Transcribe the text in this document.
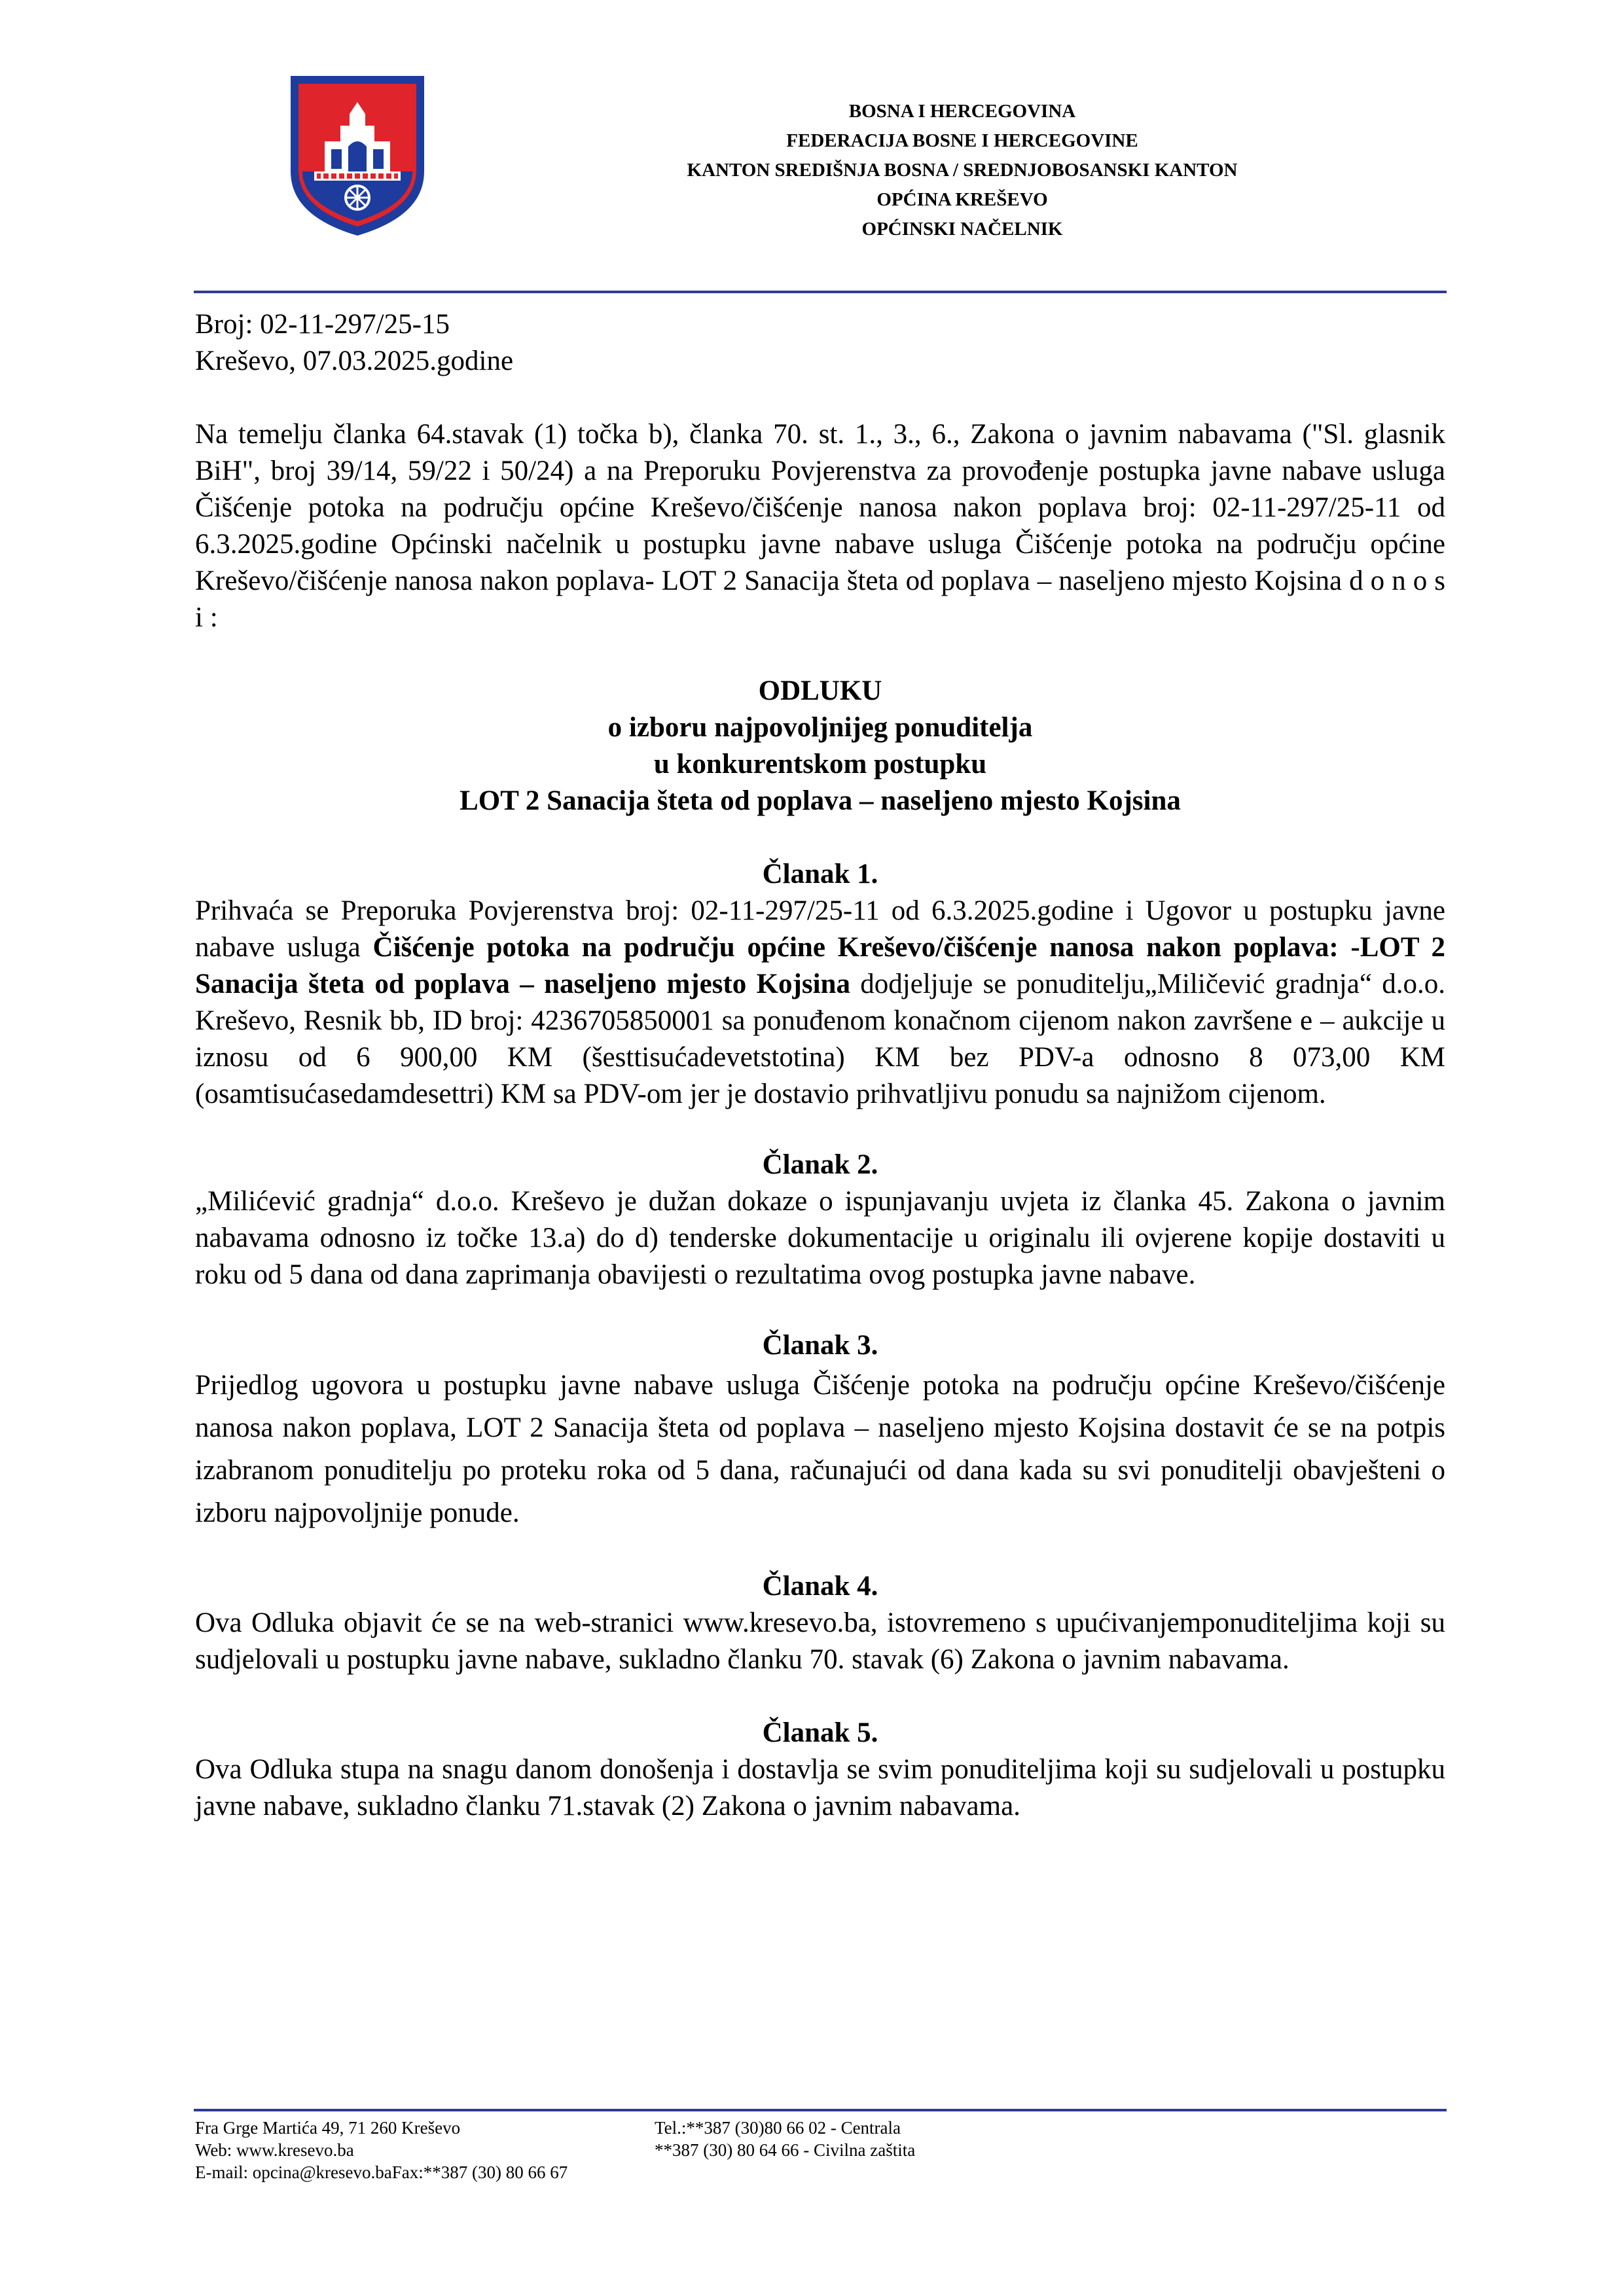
BOSNA I HERCEGOVINA
FEDERACIJA BOSNE I HERCEGOVINE
KANTON SREDIŠNJA BOSNA / SREDNJOBOSANSKI KANTON
OPĆINA KREŠEVO
OPĆINSKI NAČELNIK
Broj: 02-11-297/25-15
Kreševo, 07.03.2025.godine

Na temelju članka 64.stavak (1) točka b), članka 70. st. 1., 3., 6., Zakona o javnim nabavama ("Sl. glasnik BiH", broj 39/14, 59/22 i 50/24) a na Preporuku Povjerenstva za provođenje postupka javne nabave usluga Čišćenje potoka na području općine Kreševo/čišćenje nanosa nakon poplava broj: 02-11-297/25-11 od 6.3.2025.godine Općinski načelnik u postupku javne nabave usluga Čišćenje potoka na području općine Kreševo/čišćenje nanosa nakon poplava- LOT 2 Sanacija šteta od poplava – naseljeno mjesto Kojsina d o n o s i :

ODLUKU
o izboru najpovoljnijeg ponuditelja
u konkurentskom postupku
LOT 2 Sanacija šteta od poplava – naseljeno mjesto Kojsina
Članak 1.

Prihvaća se Preporuka Povjerenstva broj: 02-11-297/25-11 od 6.3.2025.godine i Ugovor u postupku javne nabave usluga Čišćenje potoka na području općine Kreševo/čišćenje nanosa nakon poplava: -LOT 2 Sanacija šteta od poplava – naseljeno mjesto Kojsina dodjeljuje se ponuditelju„Miličević gradnja“ d.o.o. Kreševo, Resnik bb, ID broj: 4236705850001 sa ponuđenom konačnom cijenom nakon završene e – aukcije u iznosu od 6 900,00 KM (šesttisućadevetstotina) KM bez PDV-a odnosno 8 073,00 KM (osamtisućasedamdesettri) KM sa PDV-om jer je dostavio prihvatljivu ponudu sa najnižom cijenom.

Članak 2.

„Milićević gradnja“ d.o.o. Kreševo je dužan dokaze o ispunjavanju uvjeta iz članka 45. Zakona o javnim nabavama odnosno iz točke 13.a) do d) tenderske dokumentacije u originalu ili ovjerene kopije dostaviti u roku od 5 dana od dana zaprimanja obavijesti o rezultatima ovog postupka javne nabave.

Članak 3.

Prijedlog ugovora u postupku javne nabave usluga Čišćenje potoka na području općine Kreševo/čišćenje nanosa nakon poplava, LOT 2 Sanacija šteta od poplava – naseljeno mjesto Kojsina dostavit će se na potpis izabranom ponuditelju po proteku roka od 5 dana, računajući od dana kada su svi ponuditelji obavješteni o izboru najpovoljnije ponude.

Članak 4.

Ova Odluka objavit će se na web-stranici www.kresevo.ba, istovremeno s upućivanjemponuditeljima koji su sudjelovali u postupku javne nabave, sukladno članku 70. stavak (6) Zakona o javnim nabavama.

Članak 5.

Ova Odluka stupa na snagu danom donošenja i dostavlja se svim ponuditeljima koji su sudjelovali u postupku javne nabave, sukladno članku 71.stavak (2) Zakona o javnim nabavama.

Fra Grge Martića 49, 71 260 Kreševo
Web: www.kresevo.ba
E-mail: opcina@kresevo.baFax:**387 (30) 80 66 67
Tel.:**387 (30)80 66 02 - Centrala
**387 (30) 80 64 66 - Civilna zaštita
